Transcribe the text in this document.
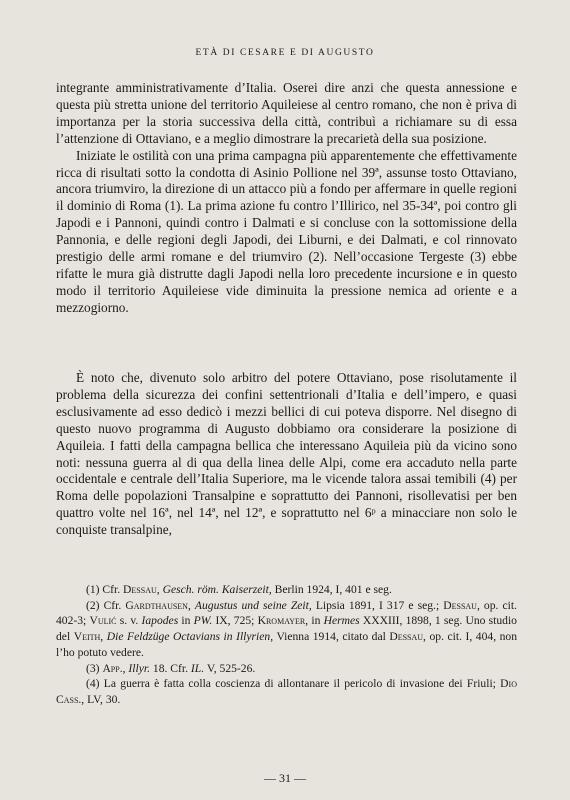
ETÀ DI CESARE E DI AUGUSTO

integrante amministrativamente d’Italia. Oserei dire anzi che questa annessione e questa più stretta unione del territorio Aquileiese al centro romano, che non è priva di importanza per la storia successiva della città, contribuì a richiamare su di essa l’attenzione di Ottaviano, e a meglio dimostrare la precarietà della sua posizione.

Iniziate le ostilità con una prima campagna più apparentemente che effettivamente ricca di risultati sotto la condotta di Asinio Pollione nel 39ª, assunse tosto Ottaviano, ancora triumviro, la direzione di un attacco più a fondo per affermare in quelle regioni il dominio di Roma (1). La prima azione fu contro l’Illirico, nel 35-34ª, poi contro gli Japodi e i Pannoni, quindi contro i Dalmati e si concluse con la sottomissione della Pannonia, e delle regioni degli Japodi, dei Liburni, e dei Dalmati, e col rinnovato prestigio delle armi romane e del triumviro (2). Nell’occasione Tergeste (3) ebbe rifatte le mura già distrutte dagli Japodi nella loro precedente incursione e in questo modo il territorio Aquileiese vide diminuita la pressione nemica ad oriente e a mezzogiorno.

È noto che, divenuto solo arbitro del potere Ottaviano, pose risolutamente il problema della sicurezza dei confini settentrionali d’Italia e dell’impero, e quasi esclusivamente ad esso dedicò i mezzi bellici di cui poteva disporre. Nel disegno di questo nuovo programma di Augusto dobbiamo ora considerare la posizione di Aquileia. I fatti della campagna bellica che interessano Aquileia più da vicino sono noti: nessuna guerra al di qua della linea delle Alpi, come era accaduto nella parte occidentale e centrale dell’Italia Superiore, ma le vicende talora assai temibili (4) per Roma delle popolazioni Transalpine e soprattutto dei Pannoni, risollevatisi per ben quattro volte nel 16ª, nel 14ª, nel 12ª, e soprattutto nel 6ᵖ a minacciare non solo le conquiste transalpine,

(1) Cfr. Dessau, Gesch. röm. Kaiserzeit, Berlin 1924, I, 401 e seg.

(2) Cfr. Gardthausen, Augustus und seine Zeit, Lipsia 1891, I 317 e seg.; Dessau, op. cit. 402-3; Vulić s. v. Iapodes in PW. IX, 725; Kromayer, in Hermes XXXIII, 1898, 1 seg. Uno studio del Veith, Die Feldzüge Octavians in Illyrien, Vienna 1914, citato dal Dessau, op. cit. I, 404, non l’ho potuto vedere.

(3) App., Illyr. 18. Cfr. IL. V, 525-26.

(4) La guerra è fatta colla coscienza di allontanare il pericolo di invasione dei Friuli; Dio Cass., LV, 30.

— 31 —
